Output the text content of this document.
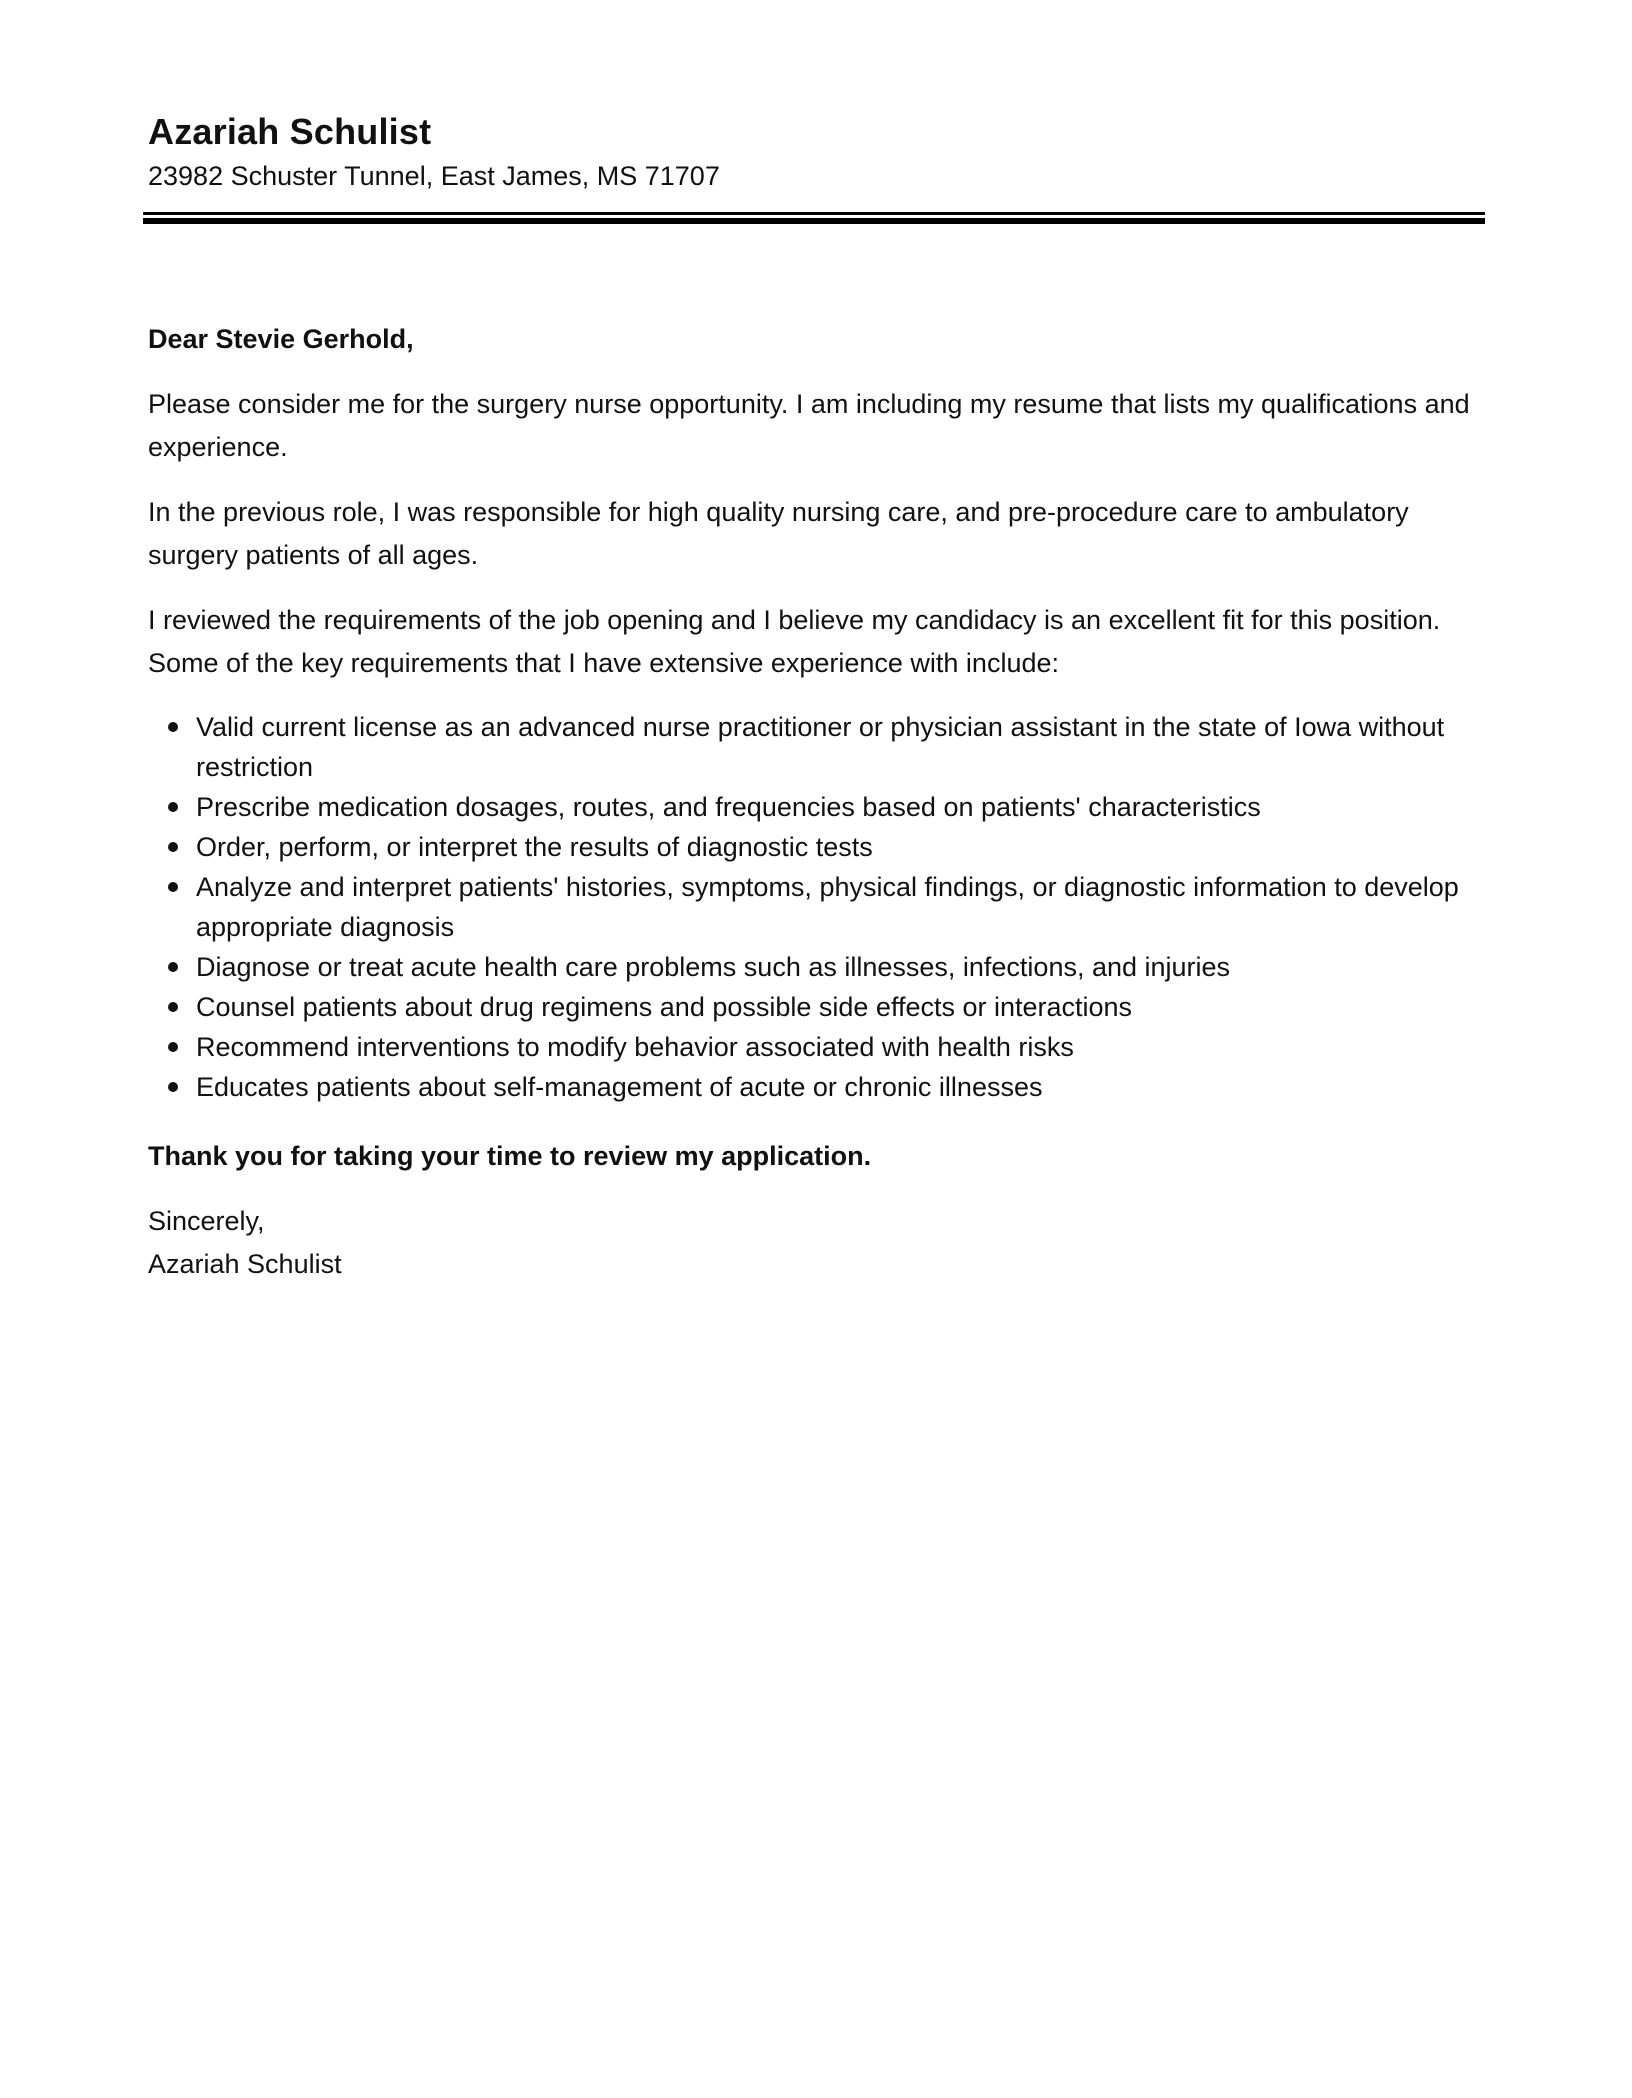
Azariah Schulist

23982 Schuster Tunnel, East James, MS 71707

Dear Stevie Gerhold,

Please consider me for the surgery nurse opportunity. I am including my resume that lists my qualifications and experience.

In the previous role, I was responsible for high quality nursing care, and pre-procedure care to ambulatory surgery patients of all ages.

I reviewed the requirements of the job opening and I believe my candidacy is an excellent fit for this position. Some of the key requirements that I have extensive experience with include:

Valid current license as an advanced nurse practitioner or physician assistant in the state of Iowa without restriction
Prescribe medication dosages, routes, and frequencies based on patients' characteristics
Order, perform, or interpret the results of diagnostic tests
Analyze and interpret patients' histories, symptoms, physical findings, or diagnostic information to develop appropriate diagnosis
Diagnose or treat acute health care problems such as illnesses, infections, and injuries
Counsel patients about drug regimens and possible side effects or interactions
Recommend interventions to modify behavior associated with health risks
Educates patients about self-management of acute or chronic illnesses

Thank you for taking your time to review my application.

Sincerely,

Azariah Schulist
